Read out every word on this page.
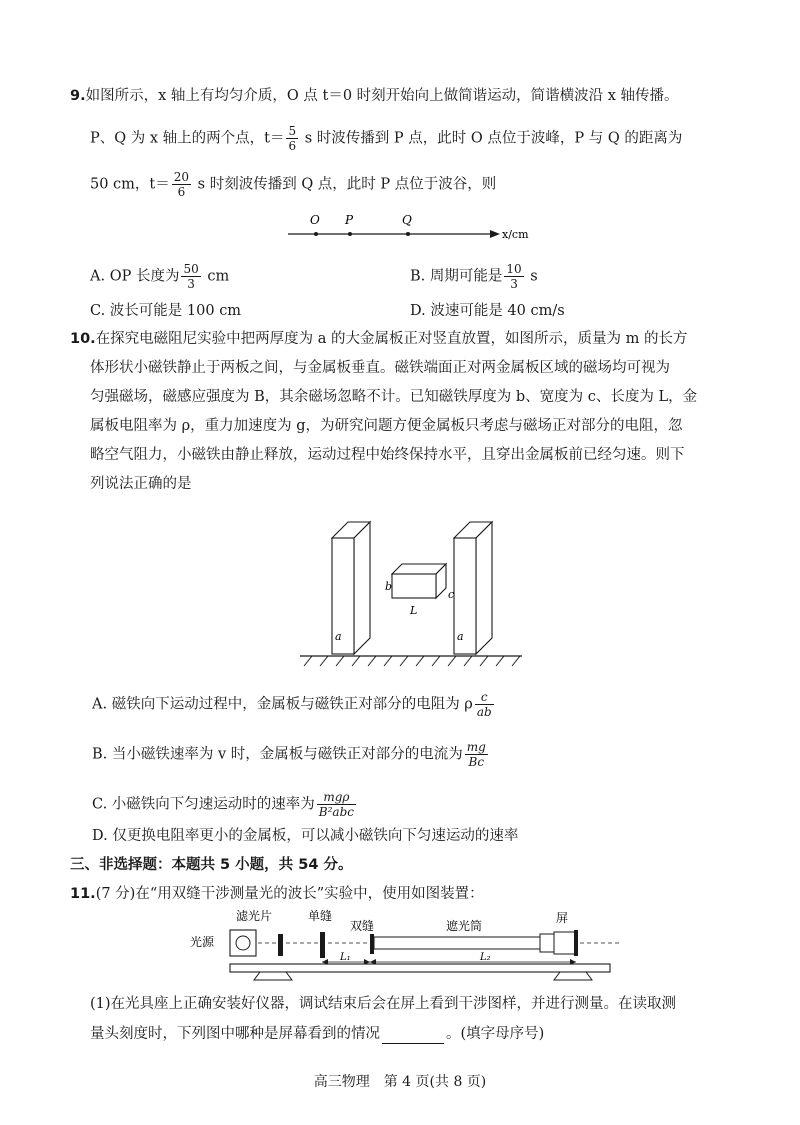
9.如图所示，x 轴上有均匀介质，O 点 t＝0 时刻开始向上做简谐运动，简谐横波沿 x 轴传播。
P、Q 为 x 轴上的两个点，$t= \frac{5}{6}$ s 时波传播到 P 点，此时 O 点位于波峰，P 与 Q 的距离为
50 cm，$t= \frac{20}{6}$ s 时刻波传播到 Q 点，此时 P 点位于波谷，则
O P	Q
x/cm
A. OP 长度为 $\frac{50}{3}$ cm	B. 周期可能是 $\frac{10}{3}$ s
C. 波长可能是 100 cm	D. 波速可能是 40 cm/s
10.在探究电磁阻尼实验中把两厚度为 a 的大金属板正对竖直放置，如图所示，质量为 m 的长方
体形状小磁铁静止于两板之间，与金属板垂直。磁铁端面正对两金属板区域的磁场均可视为
匀强磁场，磁感应强度为 B，其余磁场忽略不计。已知磁铁厚度为 b、宽度为 c、长度为 L，金
属板电阻率为 ρ，重力加速度为 g，为研究问题方便金属板只考虑与磁场正对部分的电阻，忽
略空气阻力，小磁铁由静止释放，运动过程中始终保持水平，且穿出金属板前已经匀速。则下
列说法正确的是
a	a
b
c
L
A. 磁铁向下运动过程中，金属板与磁铁正对部分的电阻为 ρ $\frac{c}{ab}$
B. 当小磁铁速率为 v 时，金属板与磁铁正对部分的电流为 $\frac{mg}{Bc}$
C. 小磁铁向下匀速运动时的速率为 $\frac{\text{mgρ}}{\text{B²abc}}$
D. 仅更换电阻率更小的金属板，可以减小磁铁向下匀速运动的速率
三、非选择题：本题共 5 小题，共 54 分。
11.(7 分)在“用双缝干涉测量光的波长”实验中，使用如图装置：
光源
滤光片	单缝
双缝	遮光筒
屏
L₁	L₂
(1)在光具座上正确安装好仪器，调试结束后会在屏上看到干涉图样，并进行测量。在读取测
量头刻度时，下列图中哪种是屏幕看到的情况	。(填字母序号)
高三物理　第 4 页(共 8 页)
